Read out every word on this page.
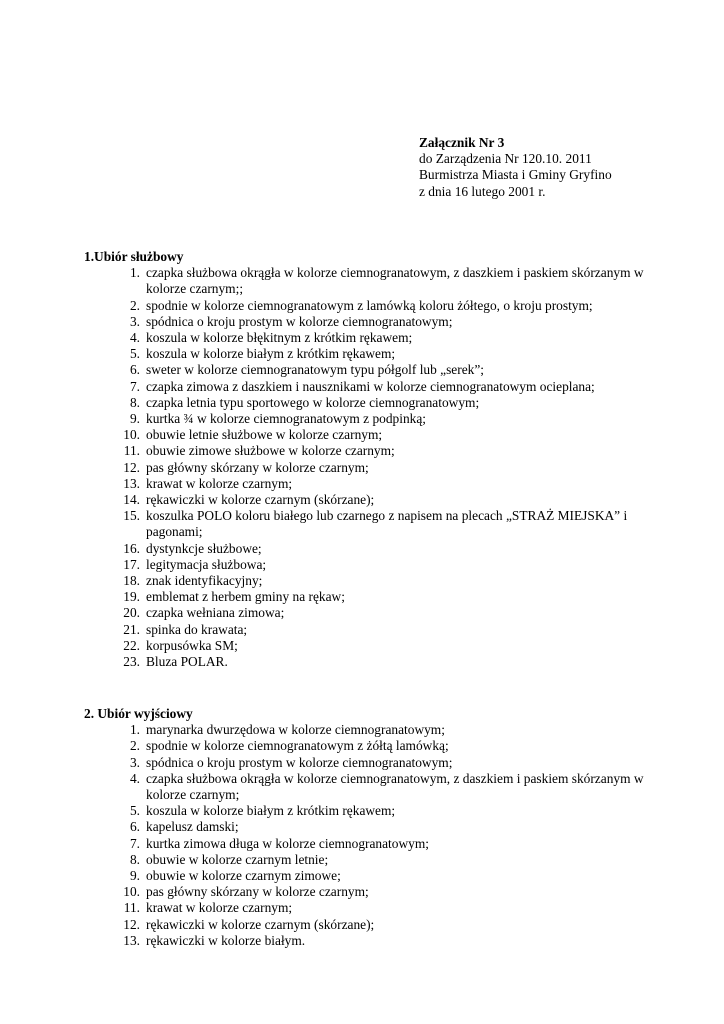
Załącznik Nr 3
do Zarządzenia Nr 120.10. 2011
Burmistrza Miasta i Gminy Gryfino
z dnia 16 lutego 2001 r.
1.Ubiór służbowy
1. czapka służbowa okrągła w kolorze ciemnogranatowym, z daszkiem i paskiem skórzanym w kolorze czarnym;;
2. spodnie w kolorze ciemnogranatowym z lamówką koloru żółtego, o kroju prostym;
3. spódnica o kroju prostym w kolorze ciemnogranatowym;
4. koszula w kolorze błękitnym z krótkim rękawem;
5. koszula w kolorze białym z krótkim rękawem;
6. sweter w kolorze ciemnogranatowym typu półgolf lub „serek”;
7. czapka zimowa z daszkiem i nausznikami w kolorze ciemnogranatowym ocieplana;
8. czapka letnia typu sportowego w kolorze ciemnogranatowym;
9. kurtka ¾ w kolorze ciemnogranatowym z podpinką;
10. obuwie letnie służbowe w kolorze czarnym;
11. obuwie zimowe służbowe w kolorze czarnym;
12. pas główny skórzany w kolorze czarnym;
13. krawat w kolorze czarnym;
14. rękawiczki w kolorze czarnym (skórzane);
15. koszulka POLO koloru białego lub czarnego z napisem na plecach „STRAŻ MIEJSKA” i pagonami;
16. dystynkcje służbowe;
17. legitymacja służbowa;
18. znak identyfikacyjny;
19. emblemat z herbem gminy na rękaw;
20. czapka wełniana zimowa;
21. spinka do krawata;
22. korpusówka SM;
23. Bluza POLAR.
2. Ubiór wyjściowy
1. marynarka dwurzędowa w kolorze ciemnogranatowym;
2. spodnie w kolorze ciemnogranatowym z żółtą lamówką;
3. spódnica o kroju prostym w kolorze ciemnogranatowym;
4. czapka służbowa okrągła w kolorze ciemnogranatowym, z daszkiem i paskiem skórzanym w kolorze czarnym;
5. koszula w kolorze białym z krótkim rękawem;
6. kapelusz damski;
7. kurtka zimowa długa w kolorze ciemnogranatowym;
8. obuwie w kolorze czarnym letnie;
9. obuwie w kolorze czarnym zimowe;
10. pas główny skórzany w kolorze czarnym;
11. krawat w kolorze czarnym;
12. rękawiczki w kolorze czarnym (skórzane);
13. rękawiczki w kolorze białym.
